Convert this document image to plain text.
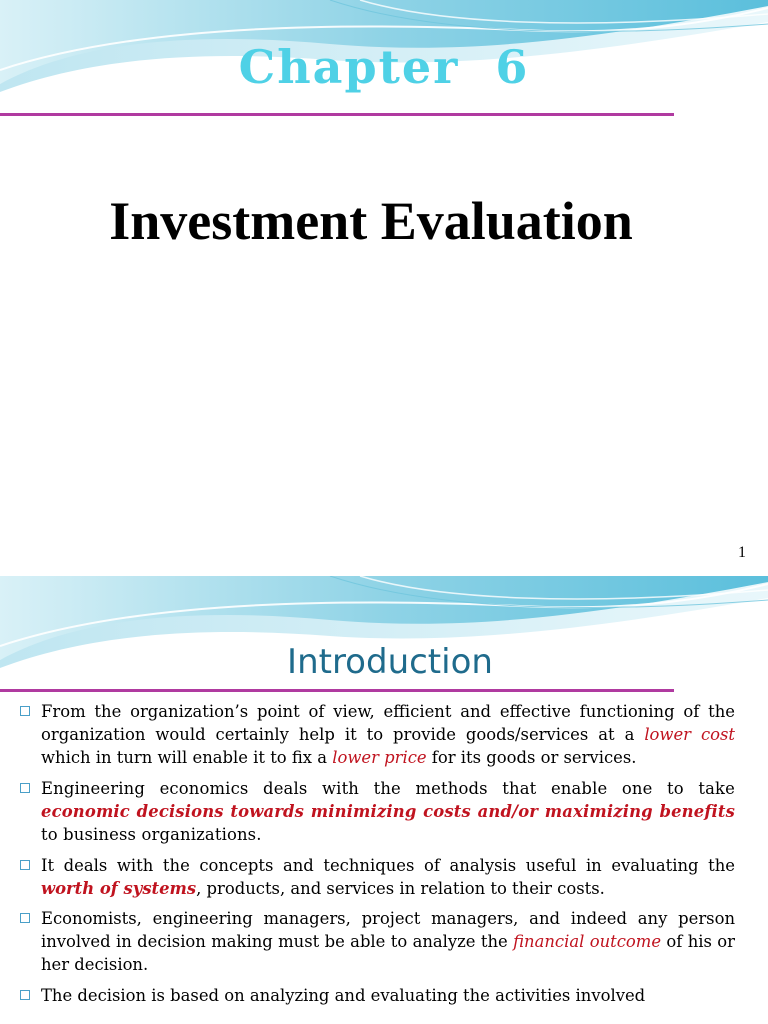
Chapter  6
Investment Evaluation
1
Introduction
From the organization’s point of view, efficient and effective functioning of the organization would certainly help it to provide goods/services at a lower cost which in turn will enable it to fix a lower price for its goods or services.
Engineering economics deals with the methods that enable one to take economic decisions towards minimizing costs and/or maximizing benefits to business organizations.
It deals with the concepts and techniques of analysis useful in evaluating the worth of systems, products, and services in relation to their costs.
Economists, engineering managers, project managers, and indeed any person involved in decision making must be able to analyze the financial outcome of his or her decision.
The decision is based on analyzing and evaluating the activities involved
